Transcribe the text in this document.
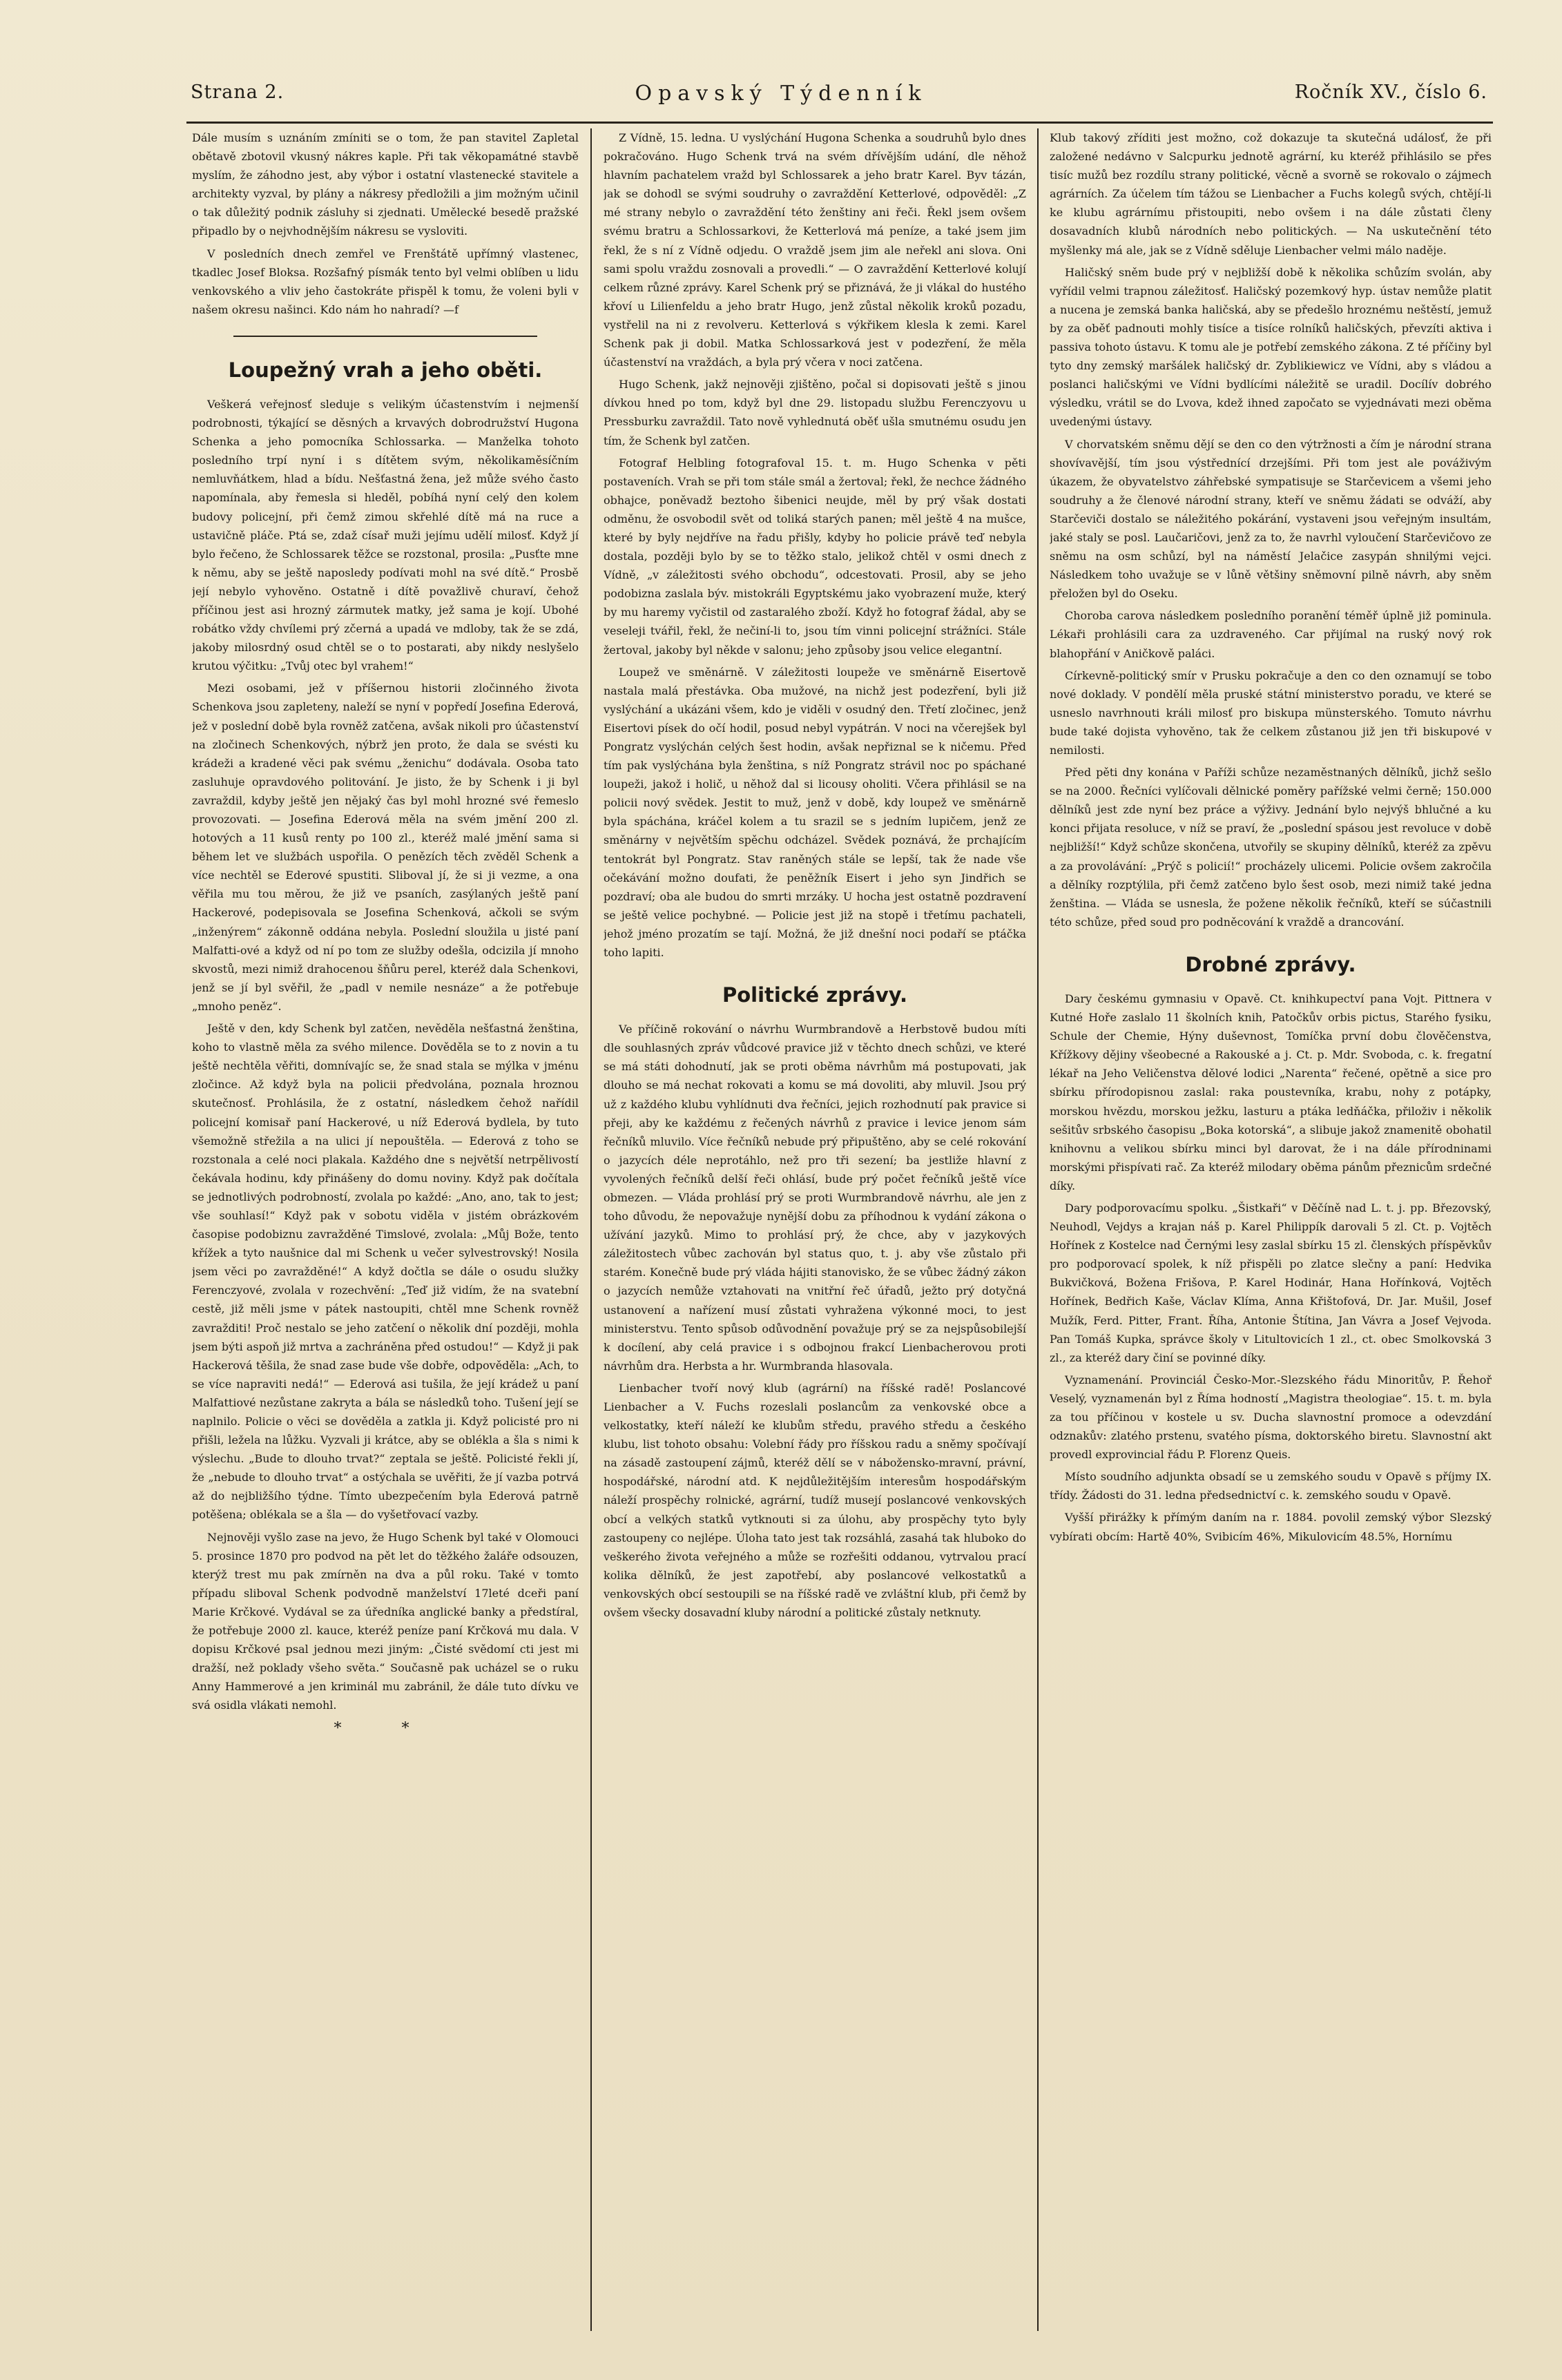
Strana 2.	Opavský Týdenník	Ročník XV., číslo 6.

Dále musím s uznáním zmíniti se o tom, že pan stavitel Zapletal obětavě zbotovil vkusný nákres kaple. Při tak věkopamátné stavbě myslím, že záhodno jest, aby výbor i ostatní vlastenecké stavitele a architekty vyzval, by plány a nákresy předložili a jim možným učinil o tak důležitý podnik zásluhy si zjednati. Umělecké besedě pražské připadlo by o nejvhodnějším nákresu se vysloviti.

V posledních dnech zemřel ve Frenštátě upřímný vlastenec, tkadlec Josef Bloksa. Rozšafný písmák tento byl velmi oblíben u lidu venkovského a vliv jeho častokráte přispěl k tomu, že voleni byli v našem okresu našinci. Kdo nám ho nahradí? —f

Loupežný vrah a jeho oběti.

Veškerá veřejnosť sleduje s velikým účastenstvím i nejmenší podrobnosti, týkající se děsných a krvavých dobrodružství Hugona Schenka a jeho pomocníka Schlossarka. — Manželka tohoto posledního trpí nyní i s dítětem svým, několikaměsíčním nemluvňátkem, hlad a bídu. Nešťastná žena, jež může svého často napomínala, aby řemesla si hleděl, pobíhá nyní celý den kolem budovy policejní, při čemž zimou skřehlé dítě má na ruce a ustavičně pláče. Ptá se, zdaž císař muži jejímu udělí milosť. Když jí bylo řečeno, že Schlossarek těžce se rozstonal, prosila: „Pusťte mne k němu, aby se ještě naposledy podívati mohl na své dítě.“ Prosbě její nebylo vyhověno. Ostatně i dítě považlivě churaví, čehož příčinou jest asi hrozný zármutek matky, jež sama je kojí. Ubohé robátko vždy chvílemi prý zčerná a upadá ve mdloby, tak že se zdá, jakoby milosrdný osud chtěl se o to postarati, aby nikdy neslyšelo krutou výčitku: „Tvůj otec byl vrahem!“

Mezi osobami, jež v příšernou historii zločinného života Schenkova jsou zapleteny, naleží se nyní v popředí Josefina Ederová, jež v poslední době byla rovněž zatčena, avšak nikoli pro účastenství na zločinech Schenkových, nýbrž jen proto, že dala se svésti ku krádeži a kradené věci pak svému „ženichu“ dodávala. Osoba tato zasluhuje opravdového politování. Je jisto, že by Schenk i ji byl zavraždil, kdyby ještě jen nějaký čas byl mohl hrozné své řemeslo provozovati. — Josefina Ederová měla na svém jmění 200 zl. hotových a 11 kusů renty po 100 zl., kteréž malé jmění sama si během let ve službách uspořila. O penězích těch zvěděl Schenk a více nechtěl se Ederové spustiti. Sliboval jí, že si ji vezme, a ona věřila mu tou měrou, že již ve psaních, zasýlaných ještě paní Hackerové, podepisovala se Josefina Schenková, ačkoli se svým „inženýrem“ zákonně oddána nebyla. Poslední sloužila u jisté paní Malfatti-ové a když od ní po tom ze služby odešla, odcizila jí mnoho skvostů, mezi nimiž drahocenou šňůru perel, kteréž dala Schenkovi, jenž se jí byl svěřil, že „padl v nemile nesnáze“ a že potřebuje „mnoho peněz“.

Ještě v den, kdy Schenk byl zatčen, nevěděla nešťastná ženština, koho to vlastně měla za svého milence. Dověděla se to z novin a tu ještě nechtěla věřiti, domnívajíc se, že snad stala se mýlka v jménu zločince. Až když byla na policii předvolána, poznala hroznou skutečnosť. Prohlásila, že z ostatní, následkem čehož nařídil policejní komisař paní Hackerové, u níž Ederová bydlela, by tuto všemožně střežila a na ulici jí nepouštěla. — Ederová z toho se rozstonala a celé noci plakala. Každého dne s největší netrpělivostí čekávala hodinu, kdy přinášeny do domu noviny. Když pak dočítala se jednotlivých podrobností, zvolala po každé: „Ano, ano, tak to jest; vše souhlasí!“ Když pak v sobotu viděla v jistém obrázkovém časopise podobiznu zavražděné Timslové, zvolala: „Můj Bože, tento křížek a tyto naušnice dal mi Schenk u večer sylvestrovský! Nosila jsem věci po zavražděné!“ A když dočtla se dále o osudu služky Ferenczyové, zvolala v rozechvění: „Teď již vidím, že na svatební cestě, již měli jsme v pátek nastoupiti, chtěl mne Schenk rovněž zavražditi! Proč nestalo se jeho zatčení o několik dní později, mohla jsem býti aspoň již mrtva a zachráněna před ostudou!“ — Když ji pak Hackerová těšila, že snad zase bude vše dobře, odpověděla: „Ach, to se více napraviti nedá!“ — Ederová asi tušila, že její krádež u paní Malfattiové nezůstane zakryta a bála se následků toho. Tušení její se naplnilo. Policie o věci se dověděla a zatkla ji. Když policisté pro ni přišli, ležela na lůžku. Vyzvali ji krátce, aby se oblékla a šla s nimi k výslechu. „Bude to dlouho trvat?“ zeptala se ještě. Policisté řekli jí, že „nebude to dlouho trvat“ a ostýchala se uvěřiti, že jí vazba potrvá až do nejbližšího týdne. Tímto ubezpečením byla Ederová patrně potěšena; oblékala se a šla — do vyšetřovací vazby.

Nejnověji vyšlo zase na jevo, že Hugo Schenk byl také v Olomouci 5. prosince 1870 pro podvod na pět let do těžkého žaláře odsouzen, kterýž trest mu pak zmírněn na dva a půl roku. Také v tomto případu sliboval Schenk podvodně manželství 17leté dceři paní Marie Krčkové. Vydával se za úředníka anglické banky a předstíral, že potřebuje 2000 zl. kauce, kteréž peníze paní Krčková mu dala. V dopisu Krčkové psal jednou mezi jiným: „Čisté svědomí cti jest mi dražší, než poklady všeho světa.“ Současně pak ucházel se o ruku Anny Hammerové a jen kriminál mu zabránil, že dále tuto dívku ve svá osidla vlákati nemohl.

* *

Z Vídně, 15. ledna. U vyslýchání Hugona Schenka a soudruhů bylo dnes pokračováno. Hugo Schenk trvá na svém dřívějším udání, dle něhož hlavním pachatelem vražd byl Schlossarek a jeho bratr Karel. Byv tázán, jak se dohodl se svými soudruhy o zavraždění Ketterlové, odpověděl: „Z mé strany nebylo o zavraždění této ženštiny ani řeči. Řekl jsem ovšem svému bratru a Schlossarkovi, že Ketterlová má peníze, a také jsem jim řekl, že s ní z Vídně odjedu. O vraždě jsem jim ale neřekl ani slova. Oni sami spolu vraždu zosnovali a provedli.“ — O zavraždění Ketterlové kolují celkem různé zprávy. Karel Schenk prý se přiznává, že ji vlákal do hustého křoví u Lilienfeldu a jeho bratr Hugo, jenž zůstal několik kroků pozadu, vystřelil na ni z revolveru. Ketterlová s výkřikem klesla k zemi. Karel Schenk pak ji dobil. Matka Schlossarková jest v podezření, že měla účastenství na vraždách, a byla prý včera v noci zatčena.

Hugo Schenk, jakž nejnověji zjištěno, počal si dopisovati ještě s jinou dívkou hned po tom, když byl dne 29. listopadu službu Ferenczyovu u Pressburku zavraždil. Tato nově vyhlednutá oběť ušla smutnému osudu jen tím, že Schenk byl zatčen.

Fotograf Helbling fotografoval 15. t. m. Hugo Schenka v pěti postaveních. Vrah se při tom stále smál a žertoval; řekl, že nechce žádného obhajce, poněvadž beztoho šibenici neujde, měl by prý však dostati odměnu, že osvobodil svět od toliká starých panen; měl ještě 4 na mušce, které by byly nejdříve na řadu přišly, kdyby ho policie právě teď nebyla dostala, později bylo by se to těžko stalo, jelikož chtěl v osmi dnech z Vídně, „v záležitosti svého obchodu“, odcestovati. Prosil, aby se jeho podobizna zaslala býv. mistokráli Egyptskému jako vyobrazení muže, který by mu haremy vyčistil od zastaralého zboží. Když ho fotograf žádal, aby se veseleji tvářil, řekl, že nečiní-li to, jsou tím vinni policejní strážníci. Stále žertoval, jakoby byl někde v salonu; jeho způsoby jsou velice elegantní.

Loupež ve směnárně. V záležitosti loupeže ve směnárně Eisertově nastala malá přestávka. Oba mužové, na nichž jest podezření, byli již vyslýchání a ukázáni všem, kdo je viděli v osudný den. Třetí zločinec, jenž Eisertovi písek do očí hodil, posud nebyl vypátrán. V noci na včerejšek byl Pongratz vyslýchán celých šest hodin, avšak nepřiznal se k ničemu. Před tím pak vyslýchána byla ženština, s níž Pongratz strávil noc po spáchané loupeži, jakož i holič, u něhož dal si licousy oholiti. Včera přihlásil se na policii nový svědek. Jestit to muž, jenž v době, kdy loupež ve směnárně byla spáchána, kráčel kolem a tu srazil se s jedním lupičem, jenž ze směnárny v největším spěchu odcházel. Svědek poznává, že prchajícím tentokrát byl Pongratz. Stav raněných stále se lepší, tak že nade vše očekávání možno doufati, že peněžník Eisert i jeho syn Jindřich se pozdraví; oba ale budou do smrti mrzáky. U hocha jest ostatně pozdravení se ještě velice pochybné. — Policie jest již na stopě i třetímu pachateli, jehož jméno prozatím se tají. Možná, že již dnešní noci podaří se ptáčka toho lapiti.

Politické zprávy.

Ve příčině rokování o návrhu Wurmbrandově a Herbstově budou míti dle souhlasných zpráv vůdcové pravice již v těchto dnech schůzi, ve které se má státi dohodnutí, jak se proti oběma návrhům má postupovati, jak dlouho se má nechat rokovati a komu se má dovoliti, aby mluvil. Jsou prý už z každého klubu vyhlídnuti dva řečníci, jejich rozhodnutí pak pravice si přeji, aby ke každému z řečených návrhů z pravice i levice jenom sám řečníků mluvilo. Více řečníků nebude prý připuštěno, aby se celé rokování o jazycích déle neprotáhlo, než pro tři sezení; ba jestliže hlavní z vyvolených řečníků delší řeči ohlásí, bude prý počet řečníků ještě více obmezen. — Vláda prohlásí prý se proti Wurmbrandově návrhu, ale jen z toho důvodu, že nepovažuje nynější dobu za příhodnou k vydání zákona o užívání jazyků. Mimo to prohlásí prý, že chce, aby v jazykových záležitostech vůbec zachován byl status quo, t. j. aby vše zůstalo při starém. Konečně bude prý vláda hájiti stanovisko, že se vůbec žádný zákon o jazycích nemůže vztahovati na vnitřní řeč úřadů, ježto prý dotyčná ustanovení a nařízení musí zůstati vyhražena výkonné moci, to jest ministerstvu. Tento spůsob odůvodnění považuje prý se za nejspůsobilejší k docílení, aby celá pravice i s odbojnou frakcí Lienbacherovou proti návrhům dra. Herbsta a hr. Wurmbranda hlasovala.

Lienbacher tvoří nový klub (agrární) na říšské radě! Poslancové Lienbacher a V. Fuchs rozeslali poslancům za venkovské obce a velkostatky, kteří náleží ke klubům středu, pravého středu a českého klubu, list tohoto obsahu: Volební řády pro říšskou radu a sněmy spočívají na zásadě zastoupení zájmů, kteréž dělí se v nábožensko-mravní, právní, hospodářské, národní atd. K nejdůležitějším interesům hospodářským náleží prospěchy rolnické, agrární, tudíž musejí poslancové venkovských obcí a velkých statků vytknouti si za úlohu, aby prospěchy tyto byly zastoupeny co nejlépe. Úloha tato jest tak rozsáhlá, zasahá tak hluboko do veškerého života veřejného a může se rozřešiti oddanou, vytrvalou prací kolika dělníků, že jest zapotřebí, aby poslancové velkostatků a venkovských obcí sestoupili se na říšské radě ve zvláštní klub, při čemž by ovšem všecky dosavadní kluby národní a politické zůstaly netknuty.

Klub takový zříditi jest možno, což dokazuje ta skutečná událosť, že při založené nedávno v Salcpurku jednotě agrární, ku kteréž přihlásilo se přes tisíc mužů bez rozdílu strany politické, věcně a svorně se rokovalo o zájmech agrárních. Za účelem tím tážou se Lienbacher a Fuchs kolegů svých, chtějí-li ke klubu agrárnímu přistoupiti, nebo ovšem i na dále zůstati členy dosavadních klubů národních nebo politických. — Na uskutečnění této myšlenky má ale, jak se z Vídně sděluje Lienbacher velmi málo naděje.

Haličský sněm bude prý v nejbližší době k několika schůzím svolán, aby vyřídil velmi trapnou záležitosť. Haličský pozemkový hyp. ústav nemůže platit a nucena je zemská banka haličská, aby se předešlo hroznému neštěstí, jemuž by za oběť padnouti mohly tisíce a tisíce rolníků haličských, převzíti aktiva i passiva tohoto ústavu. K tomu ale je potřebí zemského zákona. Z té příčiny byl tyto dny zemský maršálek haličský dr. Zyblikiewicz ve Vídni, aby s vládou a poslanci haličskými ve Vídni bydlícími náležitě se uradil. Docílív dobrého výsledku, vrátil se do Lvova, kdež ihned započato se vyjednávati mezi oběma uvedenými ústavy.

V chorvatském sněmu dějí se den co den výtržnosti a čím je národní strana shovívavější, tím jsou výstřednící drzejšími. Při tom jest ale pováživým úkazem, že obyvatelstvo záhřebské sympatisuje se Starčevicem a všemi jeho soudruhy a že členové národní strany, kteří ve sněmu žádati se odváží, aby Starčeviči dostalo se náležitého pokárání, vystaveni jsou veřejným insultám, jaké staly se posl. Laučaričovi, jenž za to, že navrhl vyloučení Starčevičovo ze sněmu na osm schůzí, byl na náměstí Jelačice zasypán shnilými vejci. Následkem toho uvažuje se v lůně většiny sněmovní pilně návrh, aby sněm přeložen byl do Oseku.

Choroba carova následkem posledního poranění téměř úplně již pominula. Lékaři prohlásili cara za uzdraveného. Car přijímal na ruský nový rok blahopřání v Aničkově paláci.

Církevně-politický smír v Prusku pokračuje a den co den oznamují se tobo nové doklady. V pondělí měla pruské státní ministerstvo poradu, ve které se usneslo navrhnouti králi milosť pro biskupa münsterského. Tomuto návrhu bude také dojista vyhověno, tak že celkem zůstanou již jen tři biskupové v nemilosti.

Před pěti dny konána v Paříži schůze nezaměstnaných dělníků, jichž sešlo se na 2000. Řečníci vylíčovali dělnické poměry pařížské velmi černě; 150.000 dělníků jest zde nyní bez práce a výživy. Jednání bylo nejvýš bhlučné a ku konci přijata resoluce, v níž se praví, že „poslední spásou jest revoluce v době nejbližší!“ Když schůze skončena, utvořily se skupiny dělníků, kteréž za zpěvu a za provolávání: „Prýč s policií!“ procházely ulicemi. Policie ovšem zakročila a dělníky rozptýlila, při čemž zatčeno bylo šest osob, mezi nimiž také jedna ženština. — Vláda se usnesla, že požene několik řečníků, kteří se súčastnili této schůze, před soud pro podněcování k vraždě a drancování.

Drobné zprávy.

Dary českému gymnasiu v Opavě. Ct. knihkupectví pana Vojt. Pittnera v Kutné Hoře zaslalo 11 školních knih, Patočkův orbis pictus, Starého fysiku, Schule der Chemie, Hýny duševnost, Tomíčka první dobu člověčenstva, Křížkovy dějiny všeobecné a Rakouské a j. Ct. p. Mdr. Svoboda, c. k. fregatní lékař na Jeho Veličenstva dělové lodici „Narenta“ řečené, opětně a sice pro sbírku přírodopisnou zaslal: raka poustevníka, krabu, nohy z potápky, morskou hvězdu, morskou ježku, lasturu a ptáka ledňáčka, přiloživ i několik sešitův srbského časopisu „Boka kotorská“, a slibuje jakož znamenitě obohatil knihovnu a velikou sbírku minci byl darovat, že i na dále přírodninami morskými přispívati rač. Za kteréž milodary oběma pánům přeznicům srdečné díky.

Dary podporovacímu spolku. „Šistkaři“ v Děčíně nad L. t. j. pp. Březovský, Neuhodl, Vejdys a krajan náš p. Karel Philippík darovali 5 zl. Ct. p. Vojtěch Hořínek z Kostelce nad Černými lesy zaslal sbírku 15 zl. členských příspěvkův pro podporovací spolek, k níž přispěli po zlatce slečny a paní: Hedvika Bukvičková, Božena Frišova, P. Karel Hodinár, Hana Hořínková, Vojtěch Hořínek, Bedřich Kaše, Václav Klíma, Anna Křištofová, Dr. Jar. Mušil, Josef Mužík, Ferd. Pitter, Frant. Říha, Antonie Štítina, Jan Vávra a Josef Vejvoda. Pan Tomáš Kupka, správce školy v Litultovicích 1 zl., ct. obec Smolkovská 3 zl., za kteréž dary činí se povinné díky.

Vyznamenání. Provinciál Česko-Mor.-Slezského řádu Minoritův, P. Řehoř Veselý, vyznamenán byl z Říma hodností „Magistra theologiae“. 15. t. m. byla za tou příčinou v kostele u sv. Ducha slavnostní promoce a odevzdání odznakův: zlatého prstenu, svatého písma, doktorského biretu. Slavnostní akt provedl exprovincial řádu P. Florenz Queis.

Místo soudního adjunkta obsadí se u zemského soudu v Opavě s příjmy IX. třídy. Žádosti do 31. ledna předsednictví c. k. zemského soudu v Opavě.

Vyšší přirážky k přímým daním na r. 1884. povolil zemský výbor Slezský vybírati obcím: Hartě 40%, Svibicím 46%, Mikulovicím 48.5%, Hornímu
